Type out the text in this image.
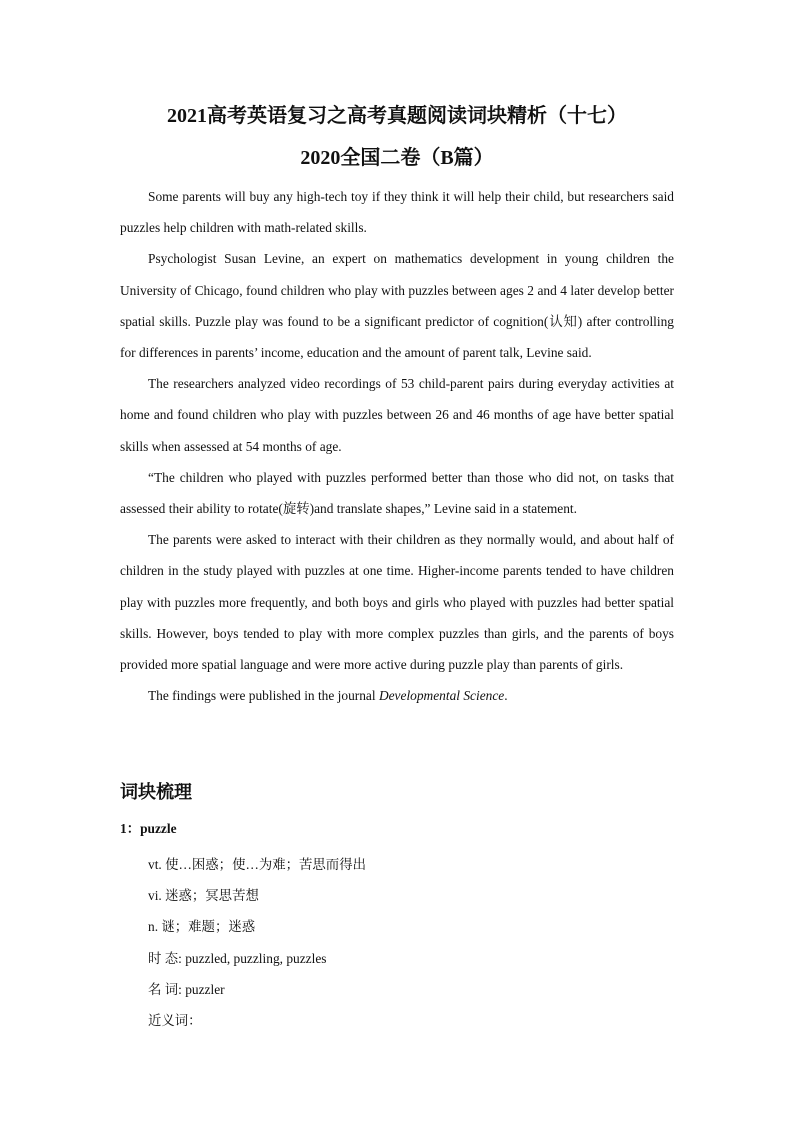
2021高考英语复习之高考真题阅读词块精析（十七）
2020全国二卷（B篇）

Some parents will buy any high-tech toy if they think it will help their child, but researchers said puzzles help children with math-related skills.

Psychologist Susan Levine, an expert on mathematics development in young children the University of Chicago, found children who play with puzzles between ages 2 and 4 later develop better spatial skills. Puzzle play was found to be a significant predictor of cognition(认知) after controlling for differences in parents’ income, education and the amount of parent talk, Levine said.

The researchers analyzed video recordings of 53 child-parent pairs during everyday activities at home and found children who play with puzzles between 26 and 46 months of age have better spatial skills when assessed at 54 months of age.

“The children who played with puzzles performed better than those who did not, on tasks that assessed their ability to rotate(旋转)and translate shapes,” Levine said in a statement.

The parents were asked to interact with their children as they normally would, and about half of children in the study played with puzzles at one time. Higher-income parents tended to have children play with puzzles more frequently, and both boys and girls who played with puzzles had better spatial skills. However, boys tended to play with more complex puzzles than girls, and the parents of boys provided more spatial language and were more active during puzzle play than parents of girls.

The findings were published in the journal Developmental Science.

词块梳理

1：puzzle

vt. 使…困惑；使…为难；苦思而得出

vi. 迷惑；冥思苦想

n. 谜；难题；迷惑

时 态: puzzled, puzzling, puzzles

名 词: puzzler

近义词：
